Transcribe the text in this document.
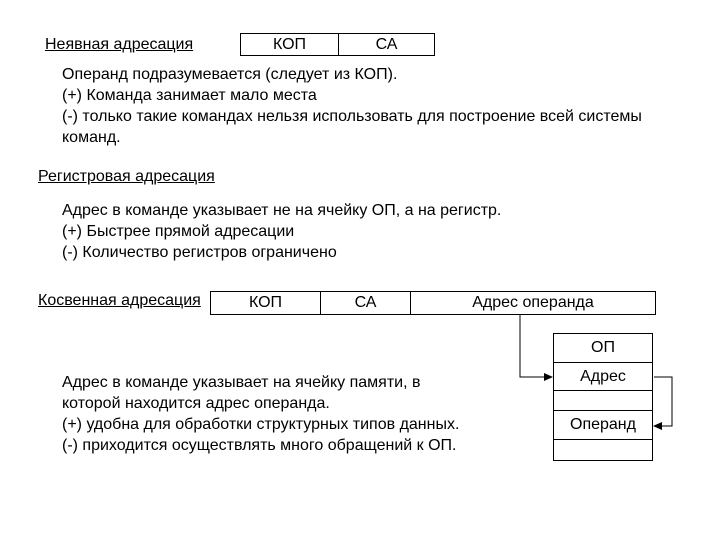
Неявная адресация	КОП	СА
Операнд подразумевается (следует из КОП).
(+) Команда занимает мало места
(-) только такие командах нельзя использовать для построение всей системы
команд.
Регистровая адресация
Адрес в команде указывает не на ячейку ОП, а на регистр.
(+) Быстрее прямой адресации
(-) Количество регистров ограничено
Косвенная адресация	КОП	СА	Адрес операнда
ОП
Адрес
Операнд
Адрес в команде указывает на ячейку памяти, в
которой находится адрес операнда.
(+) удобна для обработки структурных типов данных.
(-) приходится осуществлять много обращений к ОП.
